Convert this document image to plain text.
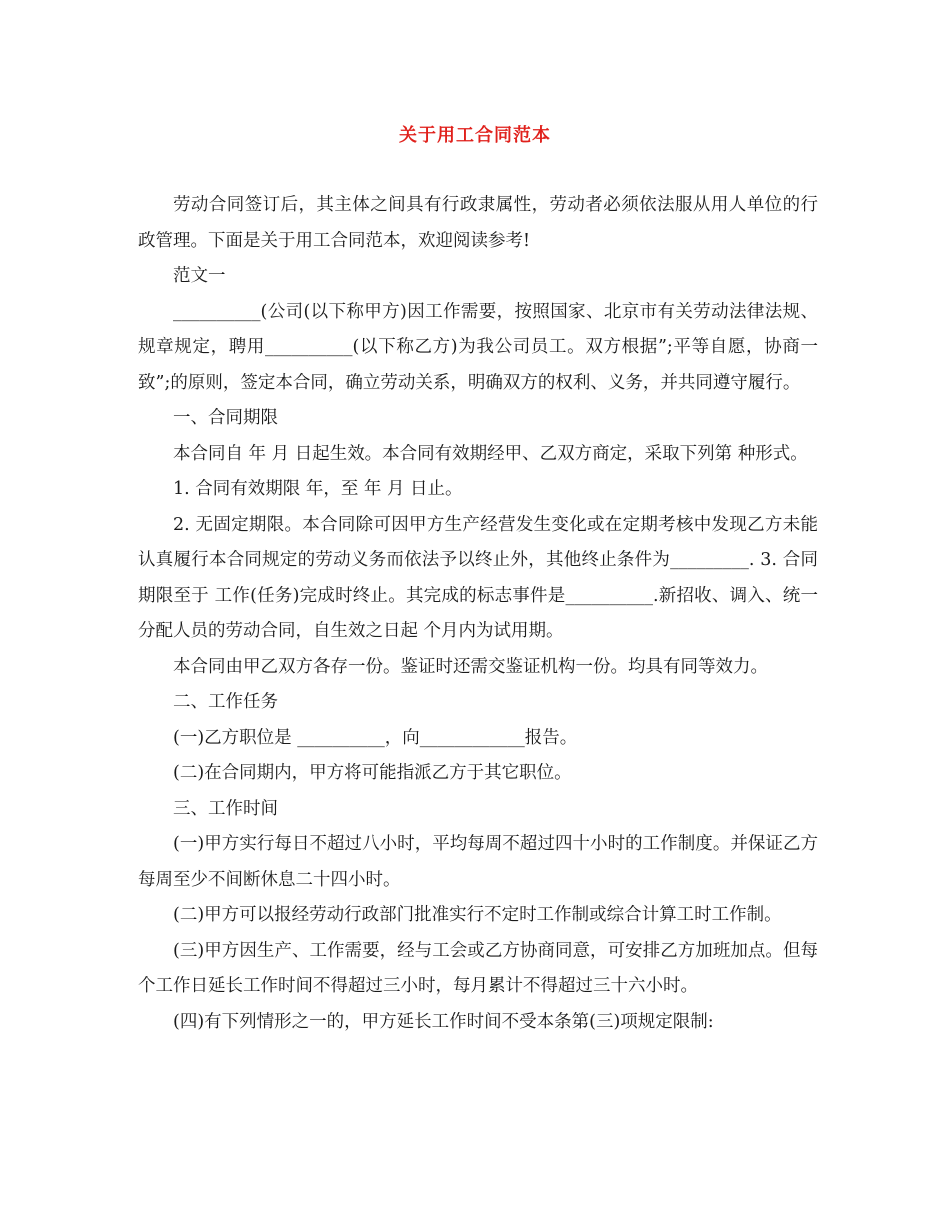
关于用工合同范本

劳动合同签订后，其主体之间具有行政隶属性，劳动者必须依法服从用人单位的行政管理。下面是关于用工合同范本，欢迎阅读参考!

范文一

__________(公司(以下称甲方)因工作需要，按照国家、北京市有关劳动法律法规、规章规定，聘用__________(以下称乙方)为我公司员工。双方根据”;平等自愿，协商一致”;的原则，签定本合同，确立劳动关系，明确双方的权利、义务，并共同遵守履行。

一、合同期限

本合同自 年 月 日起生效。本合同有效期经甲、乙双方商定，采取下列第 种形式。

1. 合同有效期限 年，至 年 月 日止。

2. 无固定期限。本合同除可因甲方生产经营发生变化或在定期考核中发现乙方未能认真履行本合同规定的劳动义务而依法予以终止外，其他终止条件为_________. 3. 合同期限至于 工作(任务)完成时终止。其完成的标志事件是__________.新招收、调入、统一分配人员的劳动合同，自生效之日起 个月内为试用期。

本合同由甲乙双方各存一份。鉴证时还需交鉴证机构一份。均具有同等效力。

二、工作任务

(一)乙方职位是 __________，向____________报告。

(二)在合同期内，甲方将可能指派乙方于其它职位。

三、工作时间

(一)甲方实行每日不超过八小时，平均每周不超过四十小时的工作制度。并保证乙方每周至少不间断休息二十四小时。

(二)甲方可以报经劳动行政部门批准实行不定时工作制或综合计算工时工作制。

(三)甲方因生产、工作需要，经与工会或乙方协商同意，可安排乙方加班加点。但每个工作日延长工作时间不得超过三小时，每月累计不得超过三十六小时。

(四)有下列情形之一的，甲方延长工作时间不受本条第(三)项规定限制:
